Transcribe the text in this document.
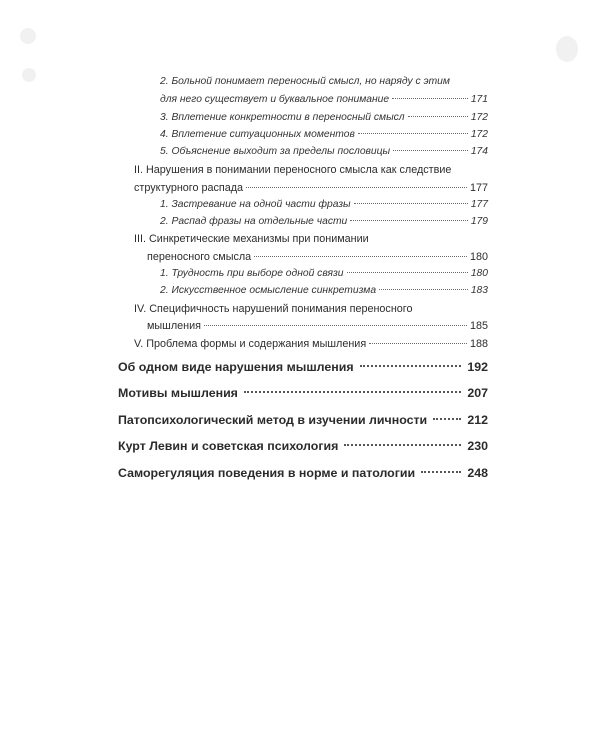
2. Больной понимает переносный смысл, но наряду с этим
для него существует и буквальное понимание	171
3. Вплетение конкретности в переносный смысл	172
4. Вплетение ситуационных моментов	172
5. Объяснение выходит за пределы пословицы	174
II. Нарушения в понимании переносного смысла как следствие
структурного распада	177
1. Застревание на одной части фразы	177
2. Распад фразы на отдельные части	179
III. Синкретические механизмы при понимании
переносного смысла	180
1. Трудность при выборе одной связи	180
2. Искусственное осмысление синкретизма	183
IV. Специфичность нарушений понимания переносного
мышления	185
V. Проблема формы и содержания мышления	188
Об одном виде нарушения мышления	192
Мотивы мышления	207
Патопсихологический метод в изучении личности	212
Курт Левин и советская психология	230
Саморегуляция поведения в норме и патологии	248
